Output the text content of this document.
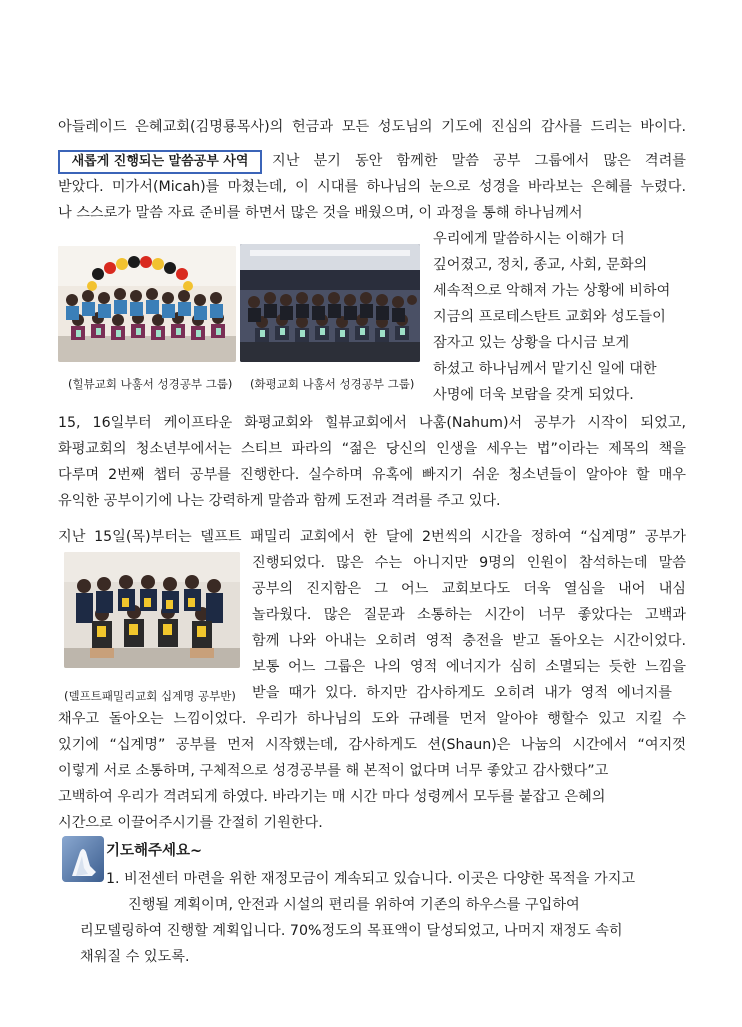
아들레이드 은혜교회(김명룡목사)의 헌금과 모든 성도님의 기도에 진심의 감사를 드리는 바이다.
새롭게 진행되는 말씀공부 사역 지난 분기 동안 함께한 말씀 공부 그룹에서 많은 격려를
받았다. 미가서(Micah)를 마쳤는데, 이 시대를 하나님의 눈으로 성경을 바라보는 은혜를 누렸다.
나 스스로가 말씀 자료 준비를 하면서 많은 것을 배웠으며, 이 과정을 통해 하나님께서
우리에게 말씀하시는 이해가 더
깊어졌고, 정치, 종교, 사회, 문화의
세속적으로 악해져 가는 상황에 비하여
지금의 프로테스탄트 교회와 성도들이
잠자고 있는 상황을 다시금 보게
하셨고 하나님께서 맡기신 일에 대한
사명에 더욱 보람을 갖게 되었다.
(힐뷰교회 나훔서 성경공부 그룹) (화평교회 나훔서 성경공부 그룹)
15, 16일부터 케이프타운 화평교회와 힐뷰교회에서 나훔(Nahum)서 공부가 시작이 되었고,
화평교회의 청소년부에서는 스티브 파라의 “젊은 당신의 인생을 세우는 법”이라는 제목의 책을
다루며 2번째 챕터 공부를 진행한다. 실수하며 유혹에 빠지기 쉬운 청소년들이 알아야 할 매우
유익한 공부이기에 나는 강력하게 말씀과 함께 도전과 격려를 주고 있다.
지난 15일(목)부터는 델프트 패밀리 교회에서 한 달에 2번씩의 시간을 정하여 “십계명” 공부가
진행되었다. 많은 수는 아니지만 9명의 인원이 참석하는데 말씀
공부의 진지함은 그 어느 교회보다도 더욱 열심을 내어 내심
놀라웠다. 많은 질문과 소통하는 시간이 너무 좋았다는 고백과
함께 나와 아내는 오히려 영적 충전을 받고 돌아오는 시간이었다.
보통 어느 그룹은 나의 영적 에너지가 심히 소멸되는 듯한 느낌을
받을 때가 있다. 하지만 감사하게도 오히려 내가 영적 에너지를
채우고 돌아오는 느낌이었다. 우리가 하나님의 도와 규례를 먼저 알아야 행할수 있고 지킬 수
있기에 “십계명” 공부를 먼저 시작했는데, 감사하게도 션(Shaun)은 나눔의 시간에서 “여지껏
이렇게 서로 소통하며, 구체적으로 성경공부를 해 본적이 없다며 너무 좋았고 감사했다”고
고백하여 우리가 격려되게 하였다. 바라기는 매 시간 마다 성령께서 모두를 붙잡고 은혜의
시간으로 이끌어주시기를 간절히 기원한다.
(델프트패밀리교회 십계명 공부반)
기도해주세요~
1. 비전센터 마련을 위한 재정모금이 계속되고 있습니다. 이곳은 다양한 목적을 가지고
진행될 계획이며, 안전과 시설의 편리를 위하여 기존의 하우스를 구입하여
리모델링하여 진행할 계획입니다. 70%정도의 목표액이 달성되었고, 나머지 재정도 속히
채워질 수 있도록.
